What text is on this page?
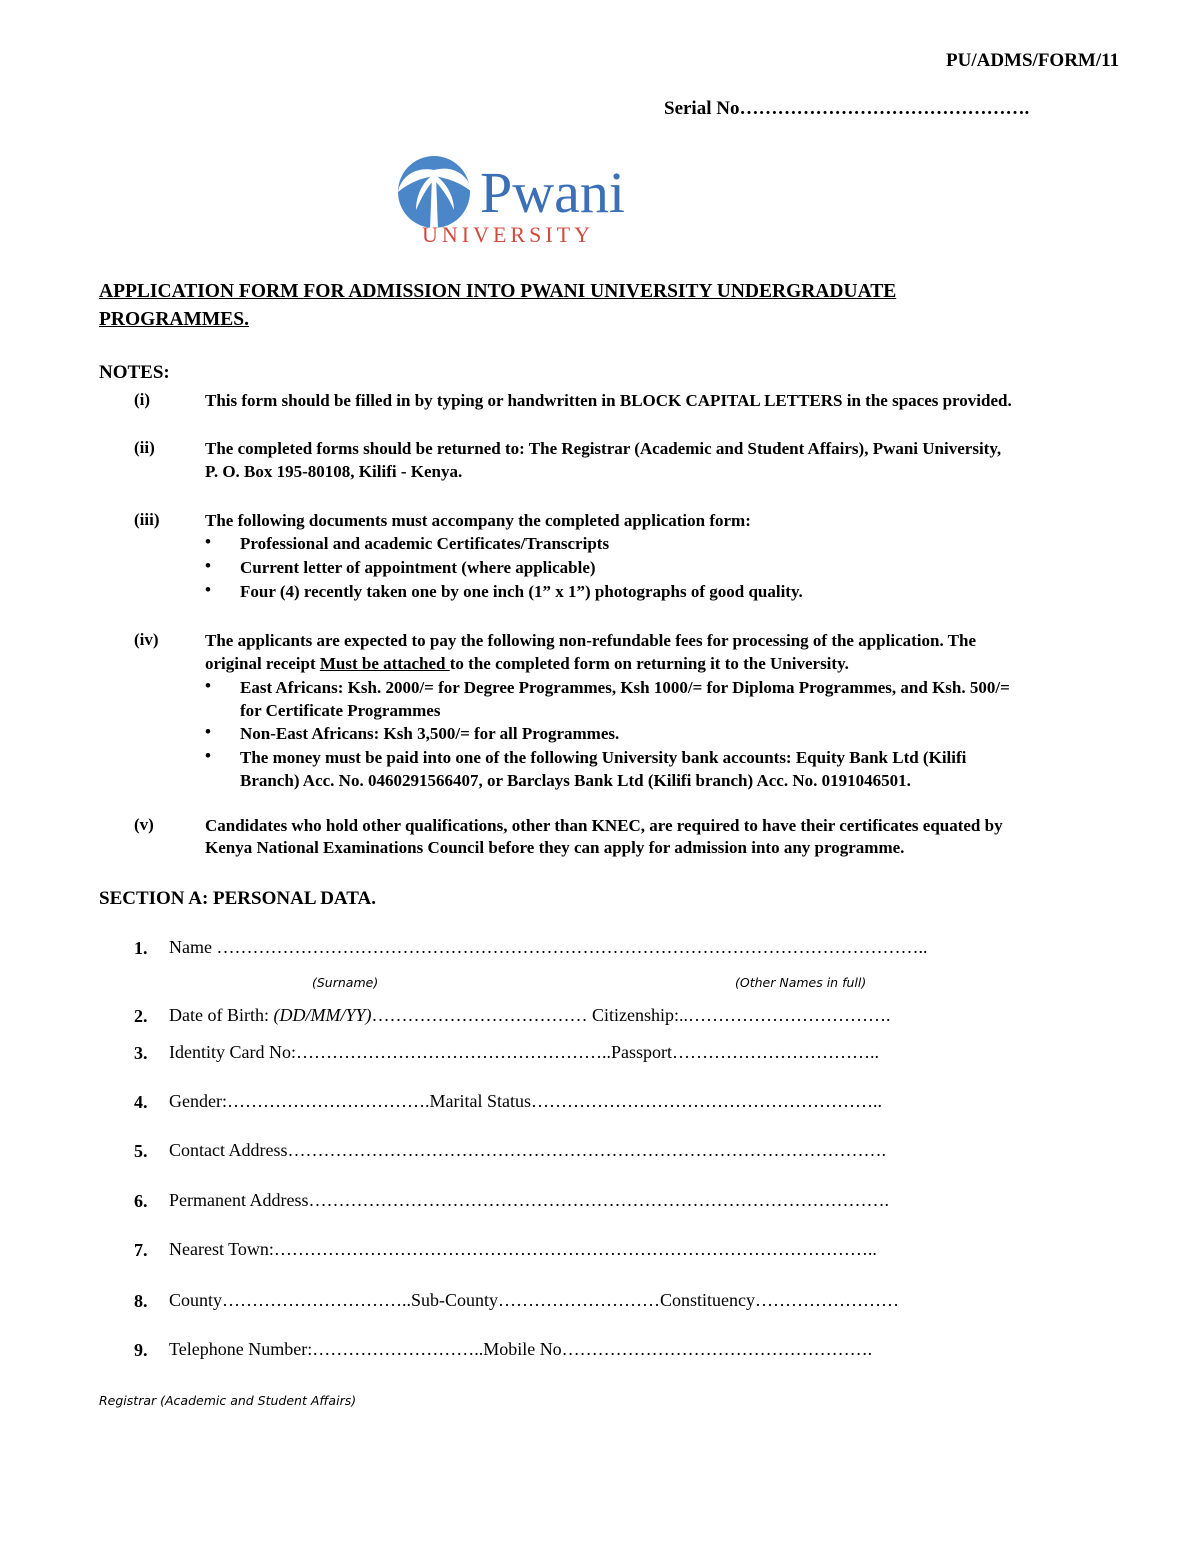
PU/ADMS/FORM/11
Serial No……………………………………….
Pwani
UNIVERSITY
APPLICATION FORM FOR ADMISSION INTO PWANI UNIVERSITY UNDERGRADUATE
PROGRAMMES.
NOTES:
(i)	This form should be filled in by typing or handwritten in BLOCK CAPITAL LETTERS in the spaces provided.
(ii)	The completed forms should be returned to: The Registrar (Academic and Student Affairs), Pwani University,
P. O. Box 195-80108, Kilifi - Kenya.
(iii)	The following documents must accompany the completed application form:
• Professional and academic Certificates/Transcripts
• Current letter of appointment (where applicable)
• Four (4) recently taken one by one inch (1” x 1”) photographs of good quality.
(iv)	The applicants are expected to pay the following non-refundable fees for processing of the application. The
original receipt Must be attached to the completed form on returning it to the University.
• East Africans: Ksh. 2000/= for Degree Programmes, Ksh 1000/= for Diploma Programmes, and Ksh. 500/=
for Certificate Programmes
• Non-East Africans: Ksh 3,500/= for all Programmes.
• The money must be paid into one of the following University bank accounts: Equity Bank Ltd (Kilifi
Branch) Acc. No. 0460291566407, or Barclays Bank Ltd (Kilifi branch) Acc. No. 0191046501.
(v)	Candidates who hold other qualifications, other than KNEC, are required to have their certificates equated by
Kenya National Examinations Council before they can apply for admission into any programme.
SECTION A: PERSONAL DATA.
1. Name ………………………………………………………………………………………………………..
(Surname)	(Other Names in full)
2. Date of Birth: (DD/MM/YY)……………………………… Citizenship:..…………………………….
3. Identity Card No:……………………………………………..Passport……………………………..
4. Gender:…………………………….Marital Status…………………………………………………..
5. Contact Address……………………………………………………………………………………….
6. Permanent Address…………………………………………………………………………………….
7. Nearest Town:………………………………………………………………………………………..
8. County…………………………..Sub-County………………………Constituency……………………
9. Telephone Number:………………………..Mobile No…………………………………………….
Registrar (Academic and Student Affairs)
